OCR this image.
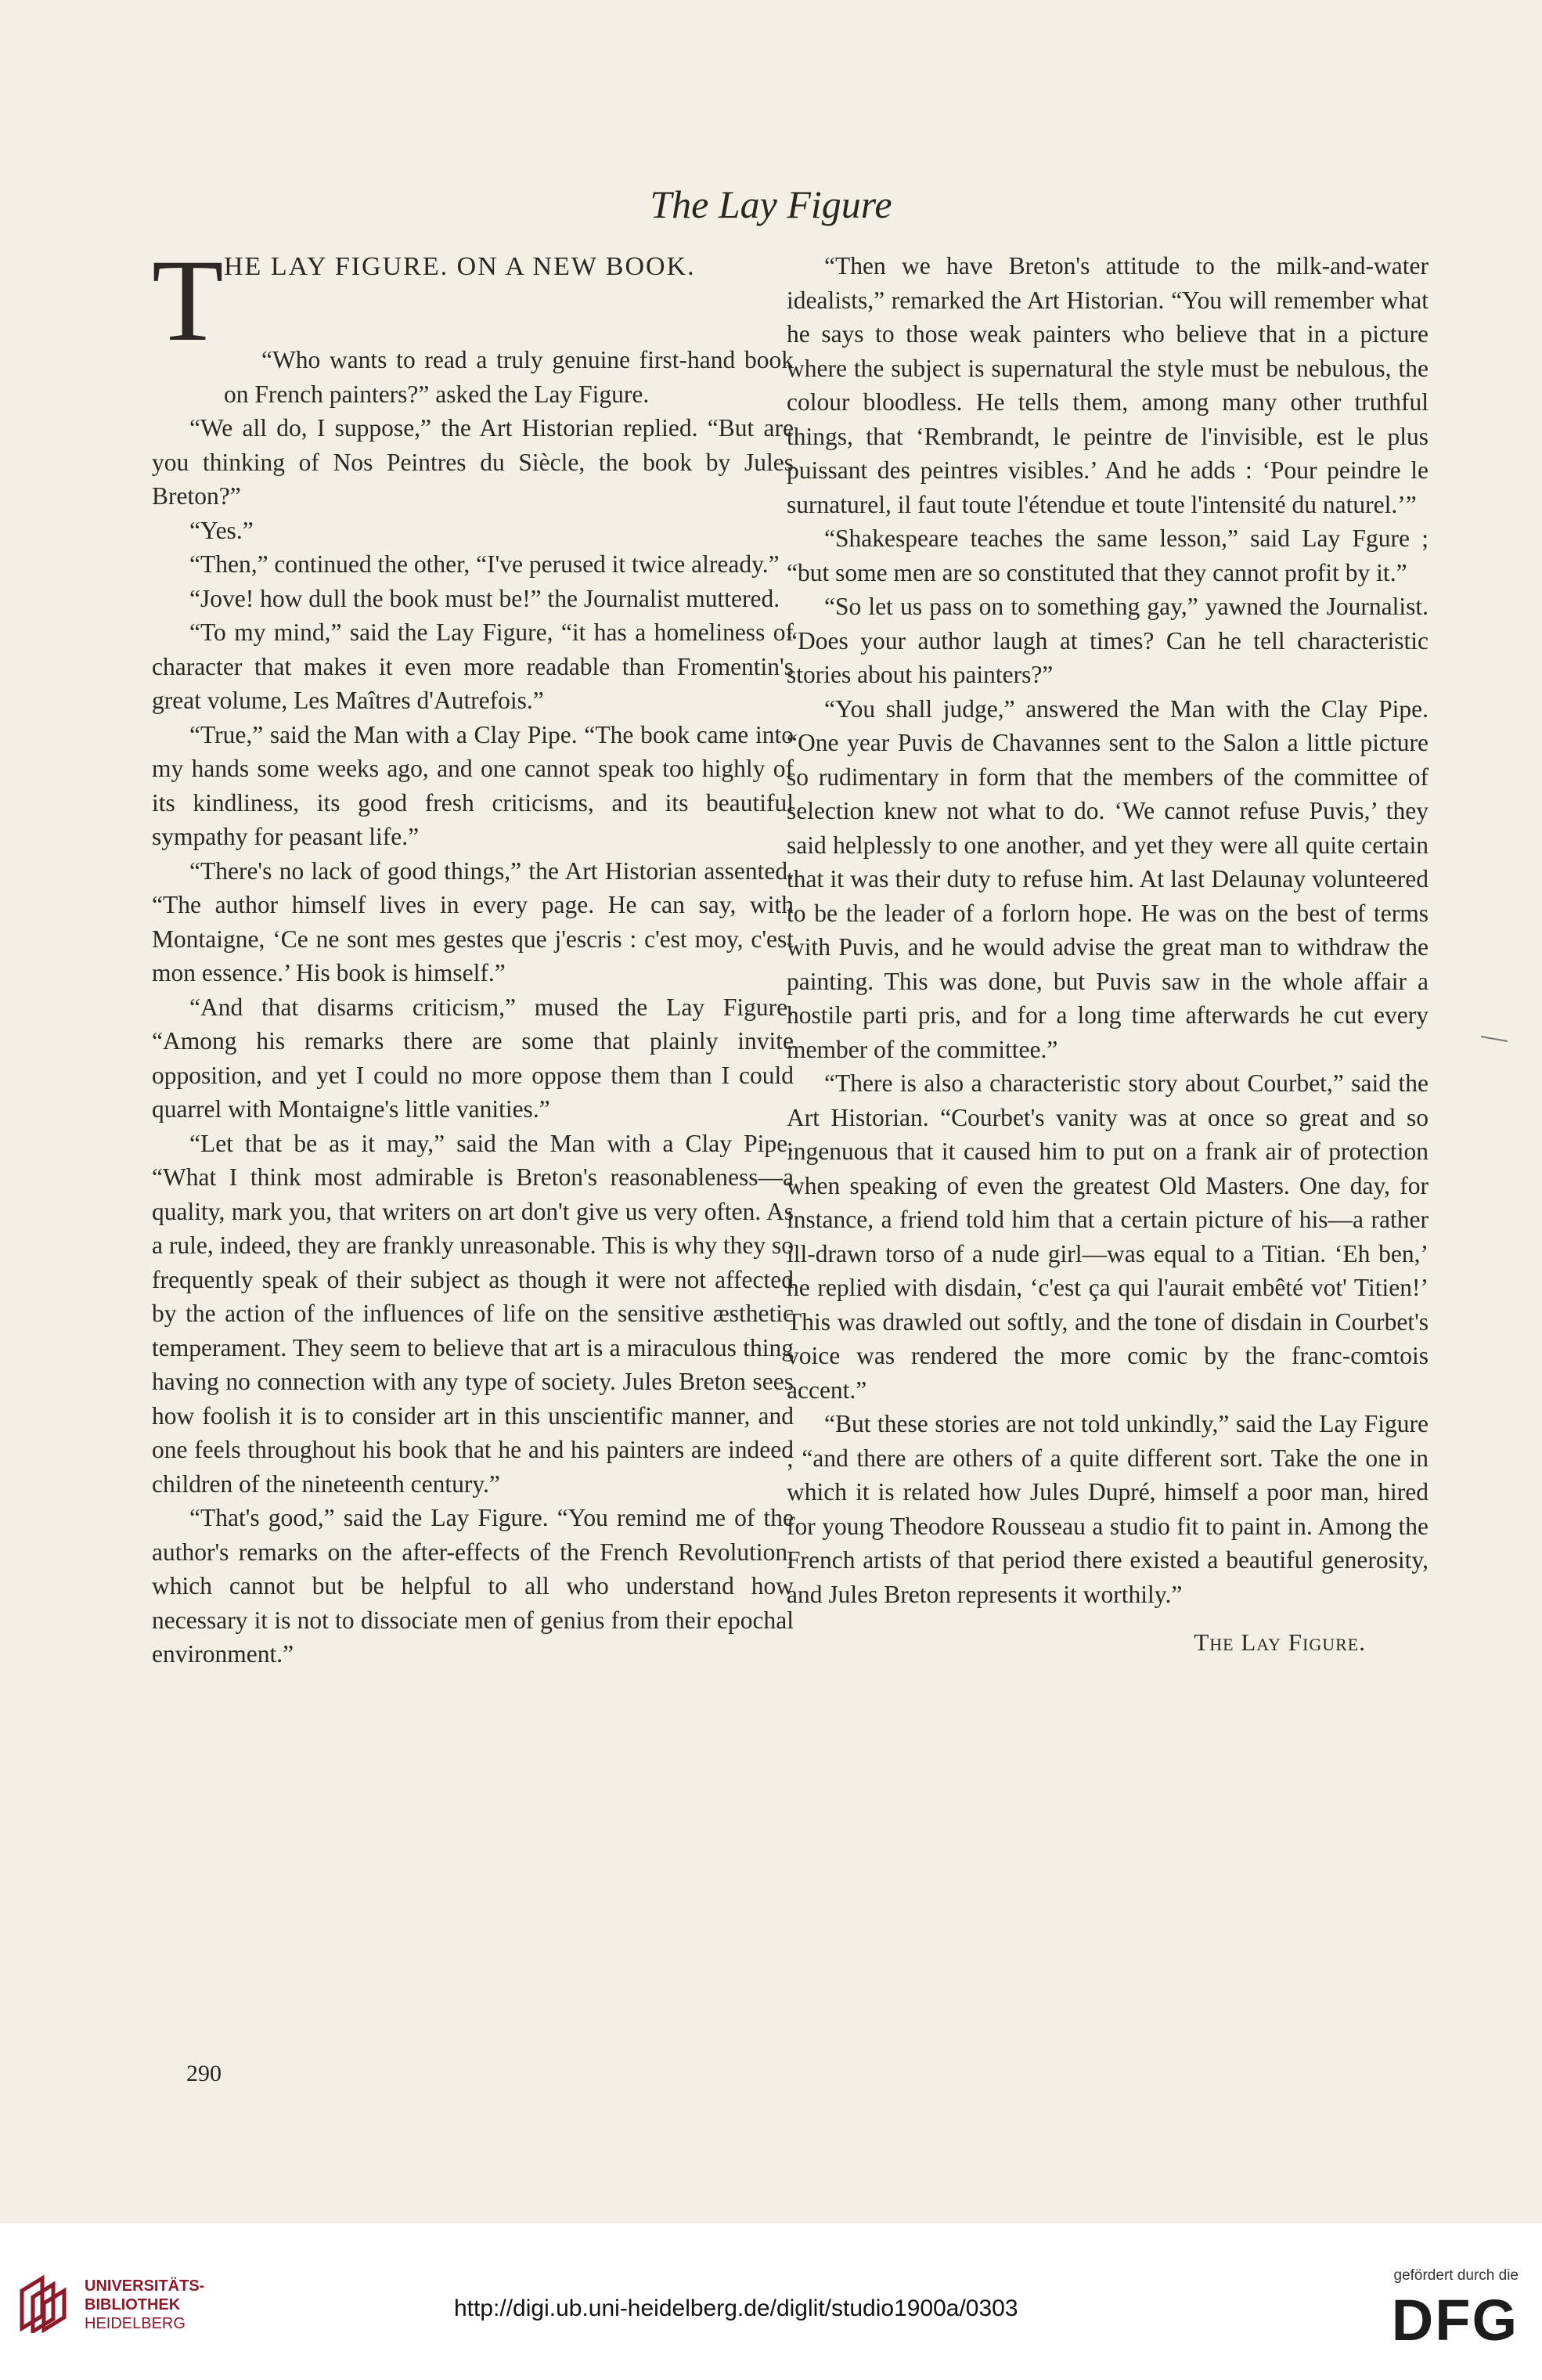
The Lay Figure
T HE LAY FIGURE. ON A NEW BOOK.

“Who wants to read a truly genuine first-hand book on French painters?” asked the Lay Figure.

“We all do, I suppose,” the Art Historian replied. “But are you thinking of Nos Peintres du Siècle, the book by Jules Breton?”

“Yes.”

“Then,” continued the other, “I've perused it twice already.”

“Jove! how dull the book must be!” the Journalist muttered.

“To my mind,” said the Lay Figure, “it has a homeliness of character that makes it even more readable than Fromentin's great volume, Les Maîtres d'Autrefois.”

“True,” said the Man with a Clay Pipe. “The book came into my hands some weeks ago, and one cannot speak too highly of its kindliness, its good fresh criticisms, and its beautiful sympathy for peasant life.”

“There's no lack of good things,” the Art Historian assented. “The author himself lives in every page. He can say, with Montaigne, ‘Ce ne sont mes gestes que j'escris : c'est moy, c'est mon essence.’ His book is himself.”

“And that disarms criticism,” mused the Lay Figure. “Among his remarks there are some that plainly invite opposition, and yet I could no more oppose them than I could quarrel with Montaigne's little vanities.”

“Let that be as it may,” said the Man with a Clay Pipe. “What I think most admirable is Breton's reasonableness—a quality, mark you, that writers on art don't give us very often. As a rule, indeed, they are frankly unreasonable. This is why they so frequently speak of their subject as though it were not affected by the action of the influences of life on the sensitive æsthetic temperament. They seem to believe that art is a miraculous thing having no connection with any type of society. Jules Breton sees how foolish it is to consider art in this unscientific manner, and one feels throughout his book that he and his painters are indeed children of the nineteenth century.”

“That's good,” said the Lay Figure. “You remind me of the author's remarks on the after-effects of the French Revolution, which cannot but be helpful to all who understand how necessary it is not to dissociate men of genius from their epochal environment.”

“Then we have Breton's attitude to the milk-and-water idealists,” remarked the Art Historian. “You will remember what he says to those weak painters who believe that in a picture where the subject is supernatural the style must be nebulous, the colour bloodless. He tells them, among many other truthful things, that ‘Rembrandt, le peintre de l'invisible, est le plus puissant des peintres visibles.’ And he adds : ‘Pour peindre le surnaturel, il faut toute l'étendue et toute l'intensité du naturel.’”

“Shakespeare teaches the same lesson,” said Lay Fgure ; “but some men are so constituted that they cannot profit by it.”

“So let us pass on to something gay,” yawned the Journalist. “Does your author laugh at times? Can he tell characteristic stories about his painters?”

“You shall judge,” answered the Man with the Clay Pipe. “One year Puvis de Chavannes sent to the Salon a little picture so rudimentary in form that the members of the committee of selection knew not what to do. ‘We cannot refuse Puvis,’ they said helplessly to one another, and yet they were all quite certain that it was their duty to refuse him. At last Delaunay volunteered to be the leader of a forlorn hope. He was on the best of terms with Puvis, and he would advise the great man to withdraw the painting. This was done, but Puvis saw in the whole affair a hostile parti pris, and for a long time afterwards he cut every member of the committee.”

“There is also a characteristic story about Courbet,” said the Art Historian. “Courbet's vanity was at once so great and so ingenuous that it caused him to put on a frank air of protection when speaking of even the greatest Old Masters. One day, for instance, a friend told him that a certain picture of his—a rather ill-drawn torso of a nude girl—was equal to a Titian. ‘Eh ben,’ he replied with disdain, ‘c'est ça qui l'aurait embêté vot' Titien!’ This was drawled out softly, and the tone of disdain in Courbet's voice was rendered the more comic by the franc-comtois accent.”

“But these stories are not told unkindly,” said the Lay Figure ; “and there are others of a quite different sort. Take the one in which it is related how Jules Dupré, himself a poor man, hired for young Theodore Rousseau a studio fit to paint in. Among the French artists of that period there existed a beautiful generosity, and Jules Breton represents it worthily.”

The Lay Figure.
290
UNIVERSITÄTS-
BIBLIOTHEK
HEIDELBERG
http://digi.ub.uni-heidelberg.de/diglit/studio1900a/0303
gefördert durch die
DFG
